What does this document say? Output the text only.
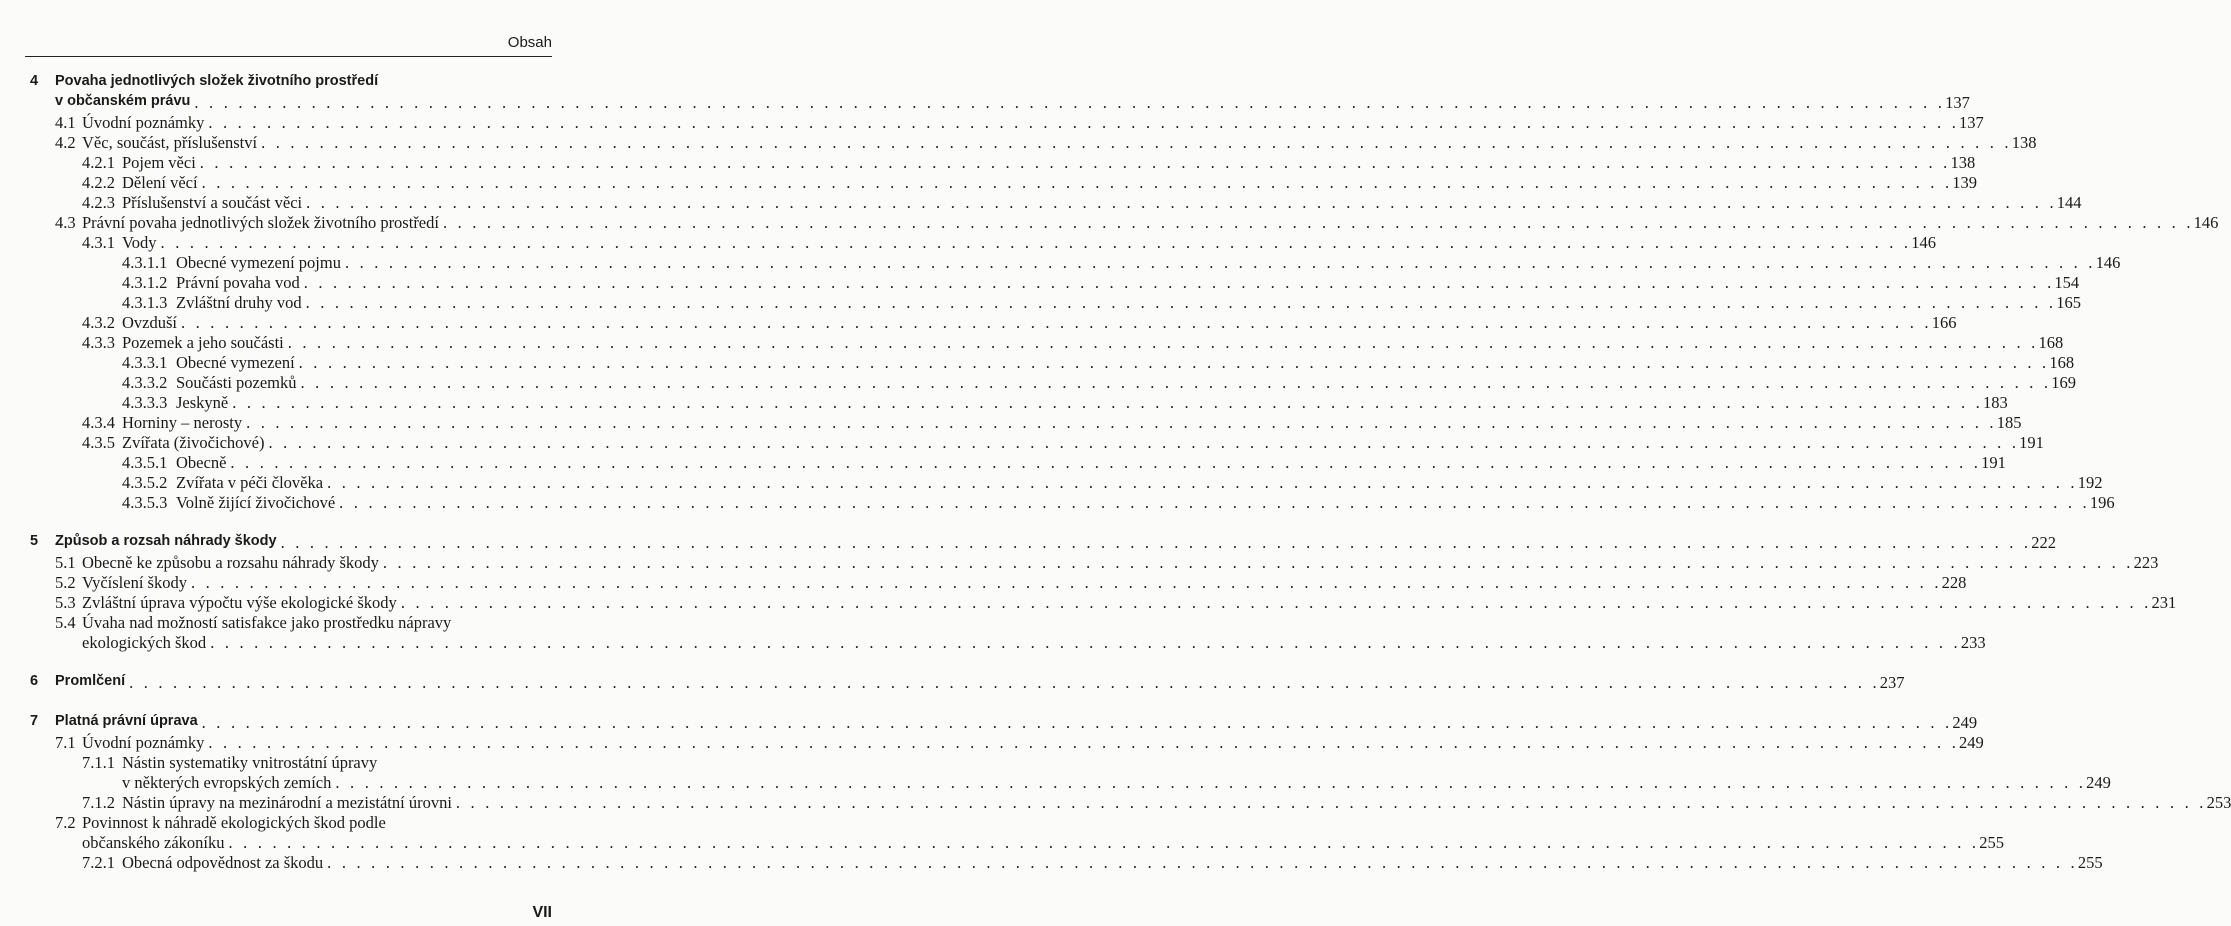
Obsah
4 Povaha jednotlivých složek životního prostředí
v občanském právu . . . . . . . . . . . . . . . . . . . . . . . . . . . . . . . . . . . . . . . . . . . . . . . . . . . . . . . . . . . . . . . . . . . . . . . . . . . . . . . . . . . . . . . . . . . . . . . . . . . . . . . . . . . . . . . . . . . . . . . . 137
4.1 Úvodní poznámky . . . . . . . . . . . . . . . . . . . . . . . . . . . . . . . . . . . . . . . . . . . . . . . . . . . . . . . . . . . . . . . . . . . . . . . . . . . . . . . . . . . . . . . . . . . . . . . . . . . . . . . . . . . . . . . . . . . . . . . . 137
4.2 Věc, součást, příslušenství . . . . . . . . . . . . . . . . . . . . . . . . . . . . . . . . . . . . . . . . . . . . . . . . . . . . . . . . . . . . . . . . . . . . . . . . . . . . . . . . . . . . . . . . . . . . . . . . . . . . . . . . . . . . . . . . . . . . . . . . 138
4.2.1 Pojem věci . . . . . . . . . . . . . . . . . . . . . . . . . . . . . . . . . . . . . . . . . . . . . . . . . . . . . . . . . . . . . . . . . . . . . . . . . . . . . . . . . . . . . . . . . . . . . . . . . . . . . . . . . . . . . . . . . . . . . . . . 138
4.2.2 Dělení věcí . . . . . . . . . . . . . . . . . . . . . . . . . . . . . . . . . . . . . . . . . . . . . . . . . . . . . . . . . . . . . . . . . . . . . . . . . . . . . . . . . . . . . . . . . . . . . . . . . . . . . . . . . . . . . . . . . . . . . . . . 139
4.2.3 Příslušenství a součást věci . . . . . . . . . . . . . . . . . . . . . . . . . . . . . . . . . . . . . . . . . . . . . . . . . . . . . . . . . . . . . . . . . . . . . . . . . . . . . . . . . . . . . . . . . . . . . . . . . . . . . . . . . . . . . . . . . . . . . . . . 144
4.3 Právní povaha jednotlivých složek životního prostředí . . . . . . . . . . . . . . . . . . . . . . . . . . . . . . . . . . . . . . . . . . . . . . . . . . . . . . . . . . . . . . . . . . . . . . . . . . . . . . . . . . . . . . . . . . . . . . . . . . . . . . . . . . . . . . . . . . . . . . . . 146
4.3.1 Vody . . . . . . . . . . . . . . . . . . . . . . . . . . . . . . . . . . . . . . . . . . . . . . . . . . . . . . . . . . . . . . . . . . . . . . . . . . . . . . . . . . . . . . . . . . . . . . . . . . . . . . . . . . . . . . . . . . . . . . . . 146
4.3.1.1 Obecné vymezení pojmu . . . . . . . . . . . . . . . . . . . . . . . . . . . . . . . . . . . . . . . . . . . . . . . . . . . . . . . . . . . . . . . . . . . . . . . . . . . . . . . . . . . . . . . . . . . . . . . . . . . . . . . . . . . . . . . . . . . . . . . . 146
4.3.1.2 Právní povaha vod . . . . . . . . . . . . . . . . . . . . . . . . . . . . . . . . . . . . . . . . . . . . . . . . . . . . . . . . . . . . . . . . . . . . . . . . . . . . . . . . . . . . . . . . . . . . . . . . . . . . . . . . . . . . . . . . . . . . . . . . 154
4.3.1.3 Zvláštní druhy vod . . . . . . . . . . . . . . . . . . . . . . . . . . . . . . . . . . . . . . . . . . . . . . . . . . . . . . . . . . . . . . . . . . . . . . . . . . . . . . . . . . . . . . . . . . . . . . . . . . . . . . . . . . . . . . . . . . . . . . . . 165
4.3.2 Ovzduší . . . . . . . . . . . . . . . . . . . . . . . . . . . . . . . . . . . . . . . . . . . . . . . . . . . . . . . . . . . . . . . . . . . . . . . . . . . . . . . . . . . . . . . . . . . . . . . . . . . . . . . . . . . . . . . . . . . . . . . . 166
4.3.3 Pozemek a jeho součásti . . . . . . . . . . . . . . . . . . . . . . . . . . . . . . . . . . . . . . . . . . . . . . . . . . . . . . . . . . . . . . . . . . . . . . . . . . . . . . . . . . . . . . . . . . . . . . . . . . . . . . . . . . . . . . . . . . . . . . . . 168
4.3.3.1 Obecné vymezení . . . . . . . . . . . . . . . . . . . . . . . . . . . . . . . . . . . . . . . . . . . . . . . . . . . . . . . . . . . . . . . . . . . . . . . . . . . . . . . . . . . . . . . . . . . . . . . . . . . . . . . . . . . . . . . . . . . . . . . . 168
4.3.3.2 Součásti pozemků . . . . . . . . . . . . . . . . . . . . . . . . . . . . . . . . . . . . . . . . . . . . . . . . . . . . . . . . . . . . . . . . . . . . . . . . . . . . . . . . . . . . . . . . . . . . . . . . . . . . . . . . . . . . . . . . . . . . . . . . 169
4.3.3.3 Jeskyně . . . . . . . . . . . . . . . . . . . . . . . . . . . . . . . . . . . . . . . . . . . . . . . . . . . . . . . . . . . . . . . . . . . . . . . . . . . . . . . . . . . . . . . . . . . . . . . . . . . . . . . . . . . . . . . . . . . . . . . . 183
4.3.4 Horniny – nerosty . . . . . . . . . . . . . . . . . . . . . . . . . . . . . . . . . . . . . . . . . . . . . . . . . . . . . . . . . . . . . . . . . . . . . . . . . . . . . . . . . . . . . . . . . . . . . . . . . . . . . . . . . . . . . . . . . . . . . . . . 185
4.3.5 Zvířata (živočichové) . . . . . . . . . . . . . . . . . . . . . . . . . . . . . . . . . . . . . . . . . . . . . . . . . . . . . . . . . . . . . . . . . . . . . . . . . . . . . . . . . . . . . . . . . . . . . . . . . . . . . . . . . . . . . . . . . . . . . . . . 191
4.3.5.1 Obecně . . . . . . . . . . . . . . . . . . . . . . . . . . . . . . . . . . . . . . . . . . . . . . . . . . . . . . . . . . . . . . . . . . . . . . . . . . . . . . . . . . . . . . . . . . . . . . . . . . . . . . . . . . . . . . . . . . . . . . . . 191
4.3.5.2 Zvířata v péči člověka . . . . . . . . . . . . . . . . . . . . . . . . . . . . . . . . . . . . . . . . . . . . . . . . . . . . . . . . . . . . . . . . . . . . . . . . . . . . . . . . . . . . . . . . . . . . . . . . . . . . . . . . . . . . . . . . . . . . . . . . 192
4.3.5.3 Volně žijící živočichové . . . . . . . . . . . . . . . . . . . . . . . . . . . . . . . . . . . . . . . . . . . . . . . . . . . . . . . . . . . . . . . . . . . . . . . . . . . . . . . . . . . . . . . . . . . . . . . . . . . . . . . . . . . . . . . . . . . . . . . . 196
5 Způsob a rozsah náhrady škody . . . . . . . . . . . . . . . . . . . . . . . . . . . . . . . . . . . . . . . . . . . . . . . . . . . . . . . . . . . . . . . . . . . . . . . . . . . . . . . . . . . . . . . . . . . . . . . . . . . . . . . . . . . . . . . . . . . . . . . . 222
5.1 Obecně ke způsobu a rozsahu náhrady škody . . . . . . . . . . . . . . . . . . . . . . . . . . . . . . . . . . . . . . . . . . . . . . . . . . . . . . . . . . . . . . . . . . . . . . . . . . . . . . . . . . . . . . . . . . . . . . . . . . . . . . . . . . . . . . . . . . . . . . . . 223
5.2 Vyčíslení škody . . . . . . . . . . . . . . . . . . . . . . . . . . . . . . . . . . . . . . . . . . . . . . . . . . . . . . . . . . . . . . . . . . . . . . . . . . . . . . . . . . . . . . . . . . . . . . . . . . . . . . . . . . . . . . . . . . . . . . . . 228
5.3 Zvláštní úprava výpočtu výše ekologické škody . . . . . . . . . . . . . . . . . . . . . . . . . . . . . . . . . . . . . . . . . . . . . . . . . . . . . . . . . . . . . . . . . . . . . . . . . . . . . . . . . . . . . . . . . . . . . . . . . . . . . . . . . . . . . . . . . . . . . . . . 231
5.4 Úvaha nad možností satisfakce jako prostředku nápravy
ekologických škod . . . . . . . . . . . . . . . . . . . . . . . . . . . . . . . . . . . . . . . . . . . . . . . . . . . . . . . . . . . . . . . . . . . . . . . . . . . . . . . . . . . . . . . . . . . . . . . . . . . . . . . . . . . . . . . . . . . . . . . . 233
6 Promlčení . . . . . . . . . . . . . . . . . . . . . . . . . . . . . . . . . . . . . . . . . . . . . . . . . . . . . . . . . . . . . . . . . . . . . . . . . . . . . . . . . . . . . . . . . . . . . . . . . . . . . . . . . . . . . . . . . . . . . . . . 237
7 Platná právní úprava . . . . . . . . . . . . . . . . . . . . . . . . . . . . . . . . . . . . . . . . . . . . . . . . . . . . . . . . . . . . . . . . . . . . . . . . . . . . . . . . . . . . . . . . . . . . . . . . . . . . . . . . . . . . . . . . . . . . . . . . 249
7.1 Úvodní poznámky . . . . . . . . . . . . . . . . . . . . . . . . . . . . . . . . . . . . . . . . . . . . . . . . . . . . . . . . . . . . . . . . . . . . . . . . . . . . . . . . . . . . . . . . . . . . . . . . . . . . . . . . . . . . . . . . . . . . . . . . 249
7.1.1 Nástin systematiky vnitrostátní úpravy
v některých evropských zemích . . . . . . . . . . . . . . . . . . . . . . . . . . . . . . . . . . . . . . . . . . . . . . . . . . . . . . . . . . . . . . . . . . . . . . . . . . . . . . . . . . . . . . . . . . . . . . . . . . . . . . . . . . . . . . . . . . . . . . . . 249
7.1.2 Nástin úpravy na mezinárodní a mezistátní úrovni . . . . . . . . . . . . . . . . . . . . . . . . . . . . . . . . . . . . . . . . . . . . . . . . . . . . . . . . . . . . . . . . . . . . . . . . . . . . . . . . . . . . . . . . . . . . . . . . . . . . . . . . . . . . . . . . . . . . . . . . 253
7.2 Povinnost k náhradě ekologických škod podle
občanského zákoníku . . . . . . . . . . . . . . . . . . . . . . . . . . . . . . . . . . . . . . . . . . . . . . . . . . . . . . . . . . . . . . . . . . . . . . . . . . . . . . . . . . . . . . . . . . . . . . . . . . . . . . . . . . . . . . . . . . . . . . . . 255
7.2.1 Obecná odpovědnost za škodu . . . . . . . . . . . . . . . . . . . . . . . . . . . . . . . . . . . . . . . . . . . . . . . . . . . . . . . . . . . . . . . . . . . . . . . . . . . . . . . . . . . . . . . . . . . . . . . . . . . . . . . . . . . . . . . . . . . . . . . . 255
VII
